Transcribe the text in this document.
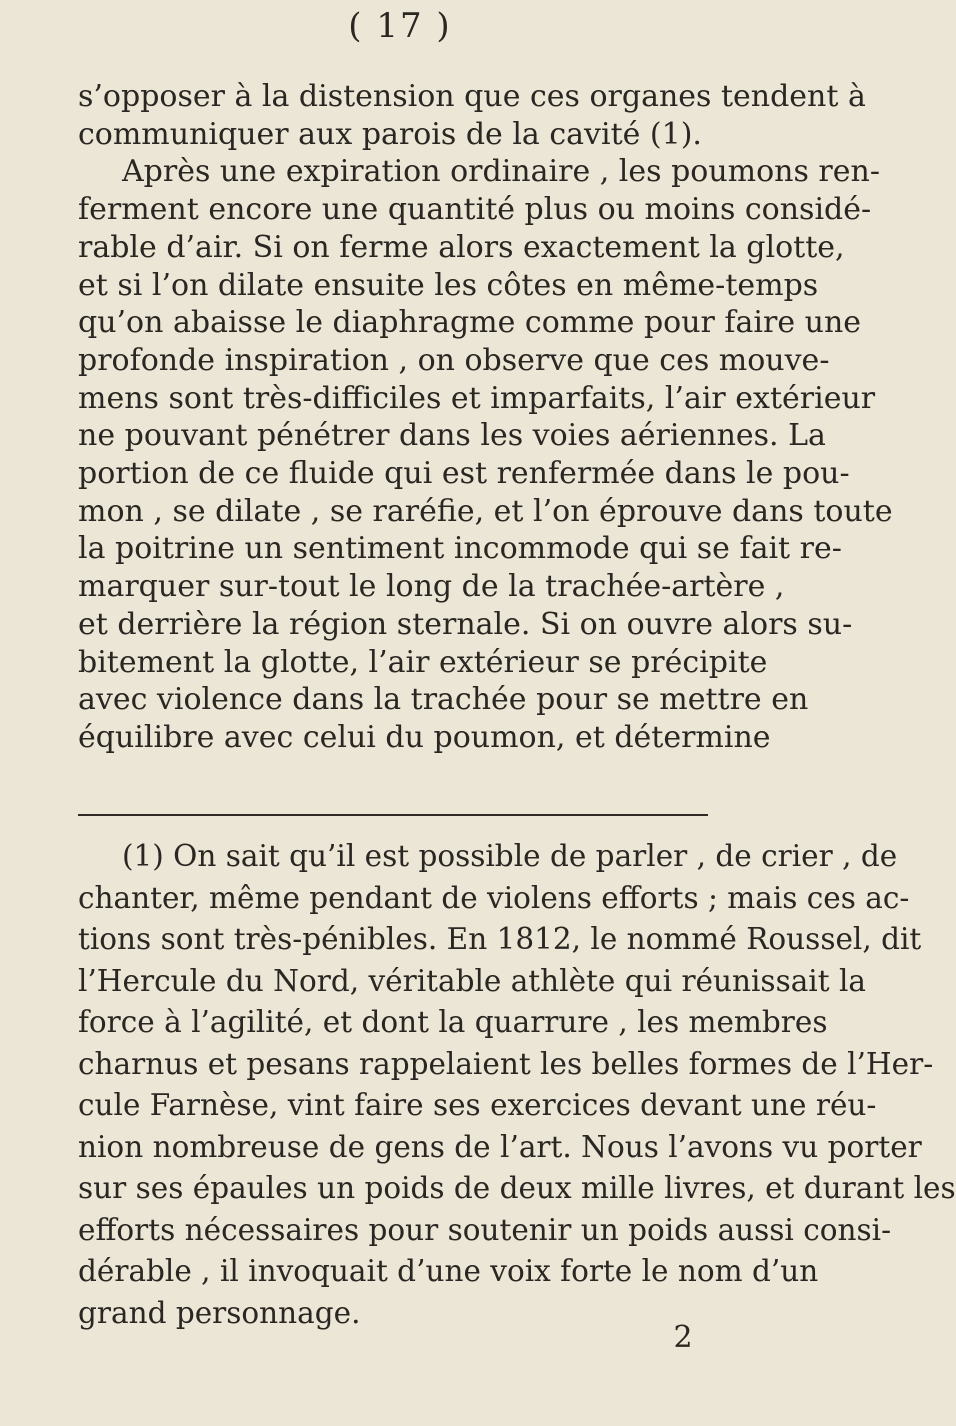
( 17 )
s’opposer à la distension que ces organes tendent à
communiquer aux parois de la cavité (1).
Après une expiration ordinaire , les poumons ren-
ferment encore une quantité plus ou moins considé-
rable d’air. Si on ferme alors exactement la glotte,
et si l’on dilate ensuite les côtes en même-temps
qu’on abaisse le diaphragme comme pour faire une
profonde inspiration , on observe que ces mouve-
mens sont très-difficiles et imparfaits, l’air extérieur
ne pouvant pénétrer dans les voies aériennes. La
portion de ce fluide qui est renfermée dans le pou-
mon , se dilate , se raréfie, et l’on éprouve dans toute
la poitrine un sentiment incommode qui se fait re-
marquer sur-tout le long de la trachée-artère ,
et derrière la région sternale. Si on ouvre alors su-
bitement la glotte, l’air extérieur se précipite
avec violence dans la trachée pour se mettre en
équilibre avec celui du poumon, et détermine
(1) On sait qu’il est possible de parler , de crier , de
chanter, même pendant de violens efforts ; mais ces ac-
tions sont très-pénibles. En 1812, le nommé Roussel, dit
l’Hercule du Nord, véritable athlète qui réunissait la
force à l’agilité, et dont la quarrure , les membres
charnus et pesans rappelaient les belles formes de l’Her-
cule Farnèse, vint faire ses exercices devant une réu-
nion nombreuse de gens de l’art. Nous l’avons vu porter
sur ses épaules un poids de deux mille livres, et durant les
efforts nécessaires pour soutenir un poids aussi consi-
dérable , il invoquait d’une voix forte le nom d’un
grand personnage.
2
